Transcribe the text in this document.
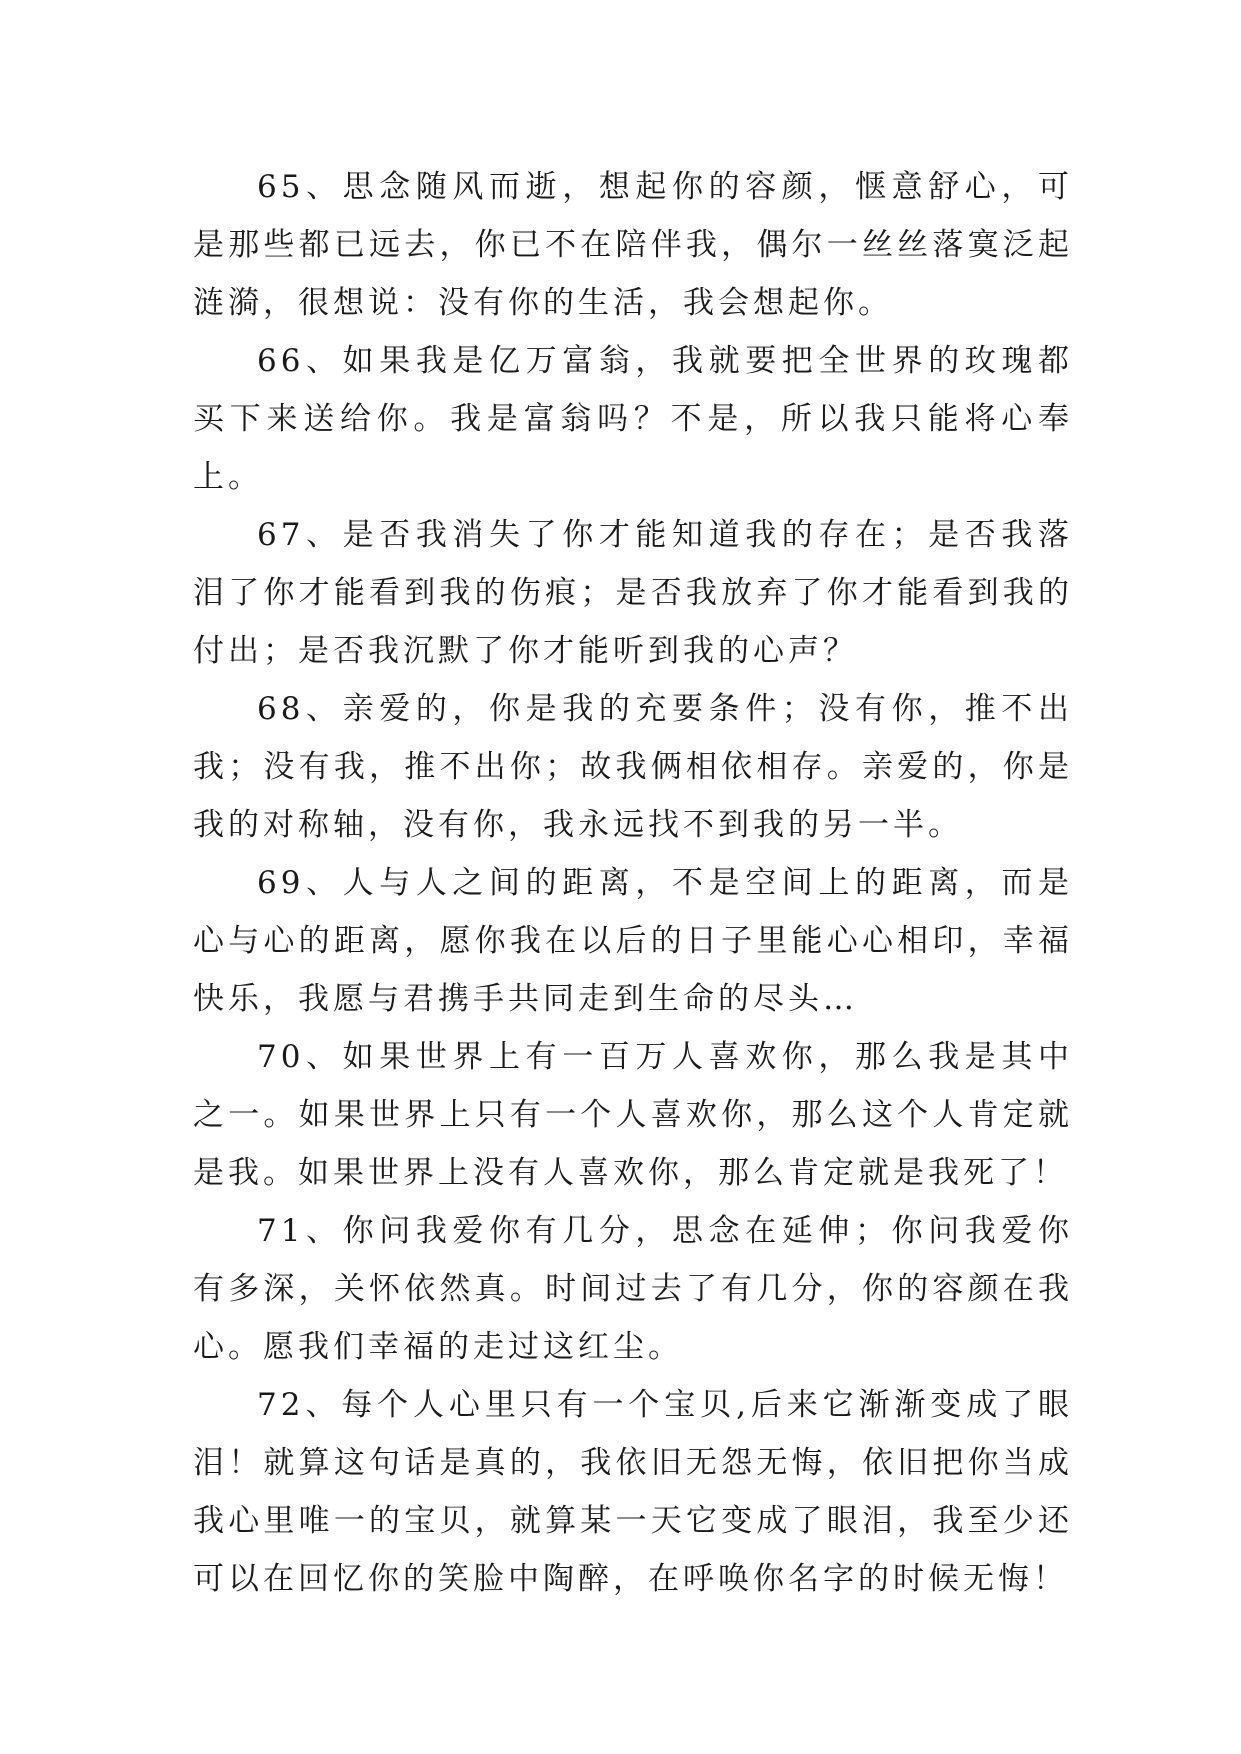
65、思念随风而逝，想起你的容颜，惬意舒心，可是那些都已远去，你已不在陪伴我，偶尔一丝丝落寞泛起涟漪，很想说：没有你的生活，我会想起你。

66、如果我是亿万富翁，我就要把全世界的玫瑰都买下来送给你。我是富翁吗？不是，所以我只能将心奉上。

67、是否我消失了你才能知道我的存在；是否我落泪了你才能看到我的伤痕；是否我放弃了你才能看到我的付出；是否我沉默了你才能听到我的心声？

68、亲爱的，你是我的充要条件；没有你，推不出我；没有我，推不出你；故我俩相依相存。亲爱的，你是我的对称轴，没有你，我永远找不到我的另一半。

69、人与人之间的距离，不是空间上的距离，而是心与心的距离，愿你我在以后的日子里能心心相印，幸福快乐，我愿与君携手共同走到生命的尽头…

70、如果世界上有一百万人喜欢你，那么我是其中之一。如果世界上只有一个人喜欢你，那么这个人肯定就是我。如果世界上没有人喜欢你，那么肯定就是我死了！

71、你问我爱你有几分，思念在延伸；你问我爱你有多深，关怀依然真。时间过去了有几分，你的容颜在我心。愿我们幸福的走过这红尘。

72、每个人心里只有一个宝贝,后来它渐渐变成了眼泪！就算这句话是真的，我依旧无怨无悔，依旧把你当成我心里唯一的宝贝，就算某一天它变成了眼泪，我至少还可以在回忆你的笑脸中陶醉，在呼唤你名字的时候无悔！
